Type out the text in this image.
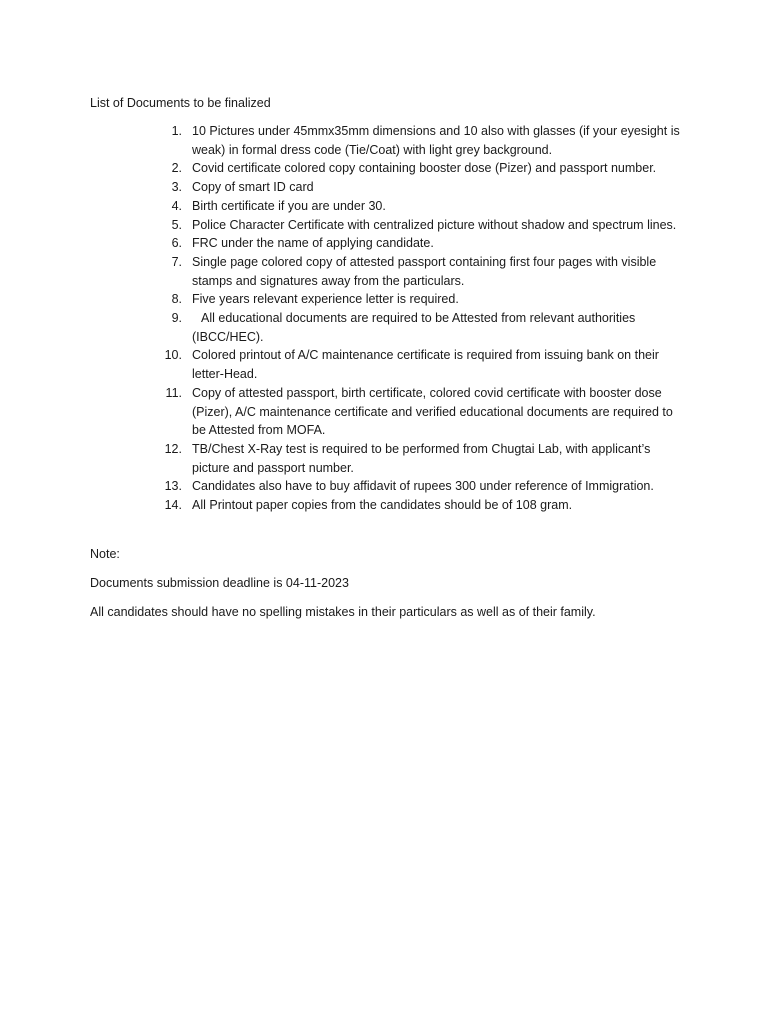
List of Documents to be finalized
1. 10 Pictures under 45mmx35mm dimensions and 10 also with glasses (if your eyesight is weak) in formal dress code (Tie/Coat) with light grey background.
2. Covid certificate colored copy containing booster dose (Pizer) and passport number.
3. Copy of smart ID card
4. Birth certificate if you are under 30.
5. Police Character Certificate with centralized picture without shadow and spectrum lines.
6. FRC under the name of applying candidate.
7. Single page colored copy of attested passport containing first four pages with visible stamps and signatures away from the particulars.
8. Five years relevant experience letter is required.
9.	All educational documents are required to be Attested from relevant authorities (IBCC/HEC).
10. Colored printout of A/C maintenance certificate is required from issuing bank on their letter-Head.
11. Copy of attested passport, birth certificate, colored covid certificate with booster dose (Pizer), A/C maintenance certificate and verified educational documents are required to be Attested from MOFA.
12. TB/Chest X-Ray test is required to be performed from Chugtai Lab, with applicant’s picture and passport number.
13. Candidates also have to buy affidavit of rupees 300 under reference of Immigration.
14. All Printout paper copies from the candidates should be of 108 gram.
Note:
Documents submission deadline is 04-11-2023
All candidates should have no spelling mistakes in their particulars as well as of their family.
